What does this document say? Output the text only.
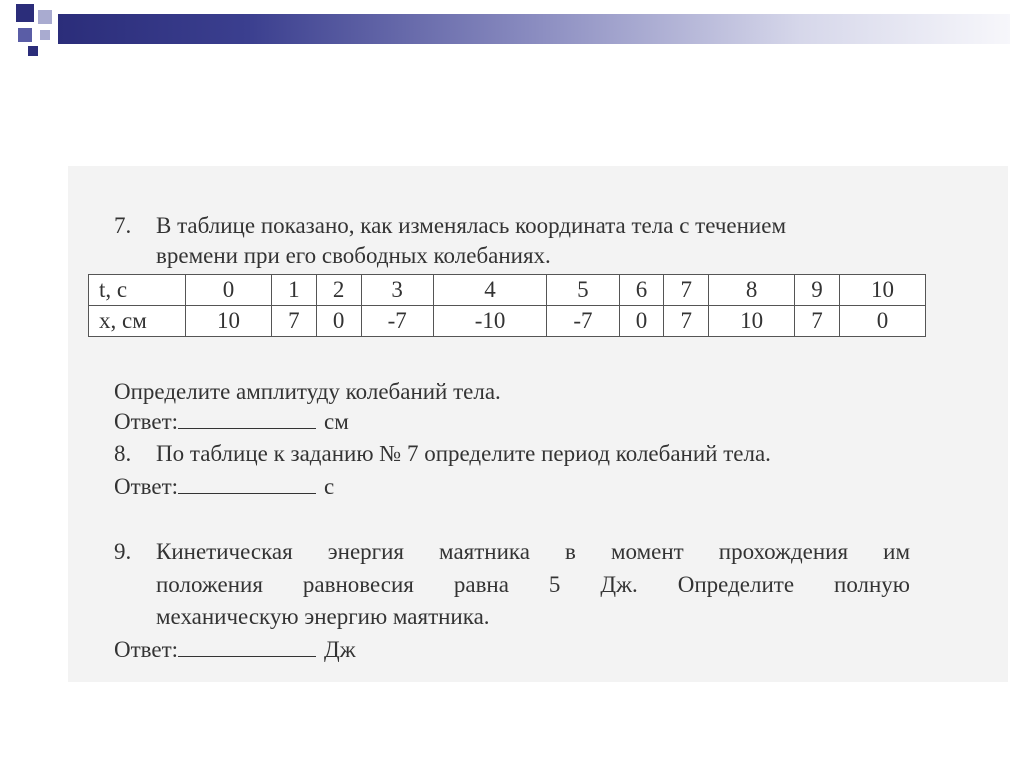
7. В таблице показано, как изменялась координата тела с течением
времени при его свободных колебаниях.
t, c	0	1	2	3	4	5	6	7	8	9	10
x, см	10	7	0	-7	-10	-7	0	7	10	7	0
Определите амплитуду колебаний тела.
Ответ:	см
8. По таблице к заданию № 7 определите период колебаний тела.
Ответ:	с
9. Кинетическая энергия маятника в момент прохождения им
положения равновесия равна 5 Дж. Определите полную
механическую энергию маятника.
Ответ:	Дж
